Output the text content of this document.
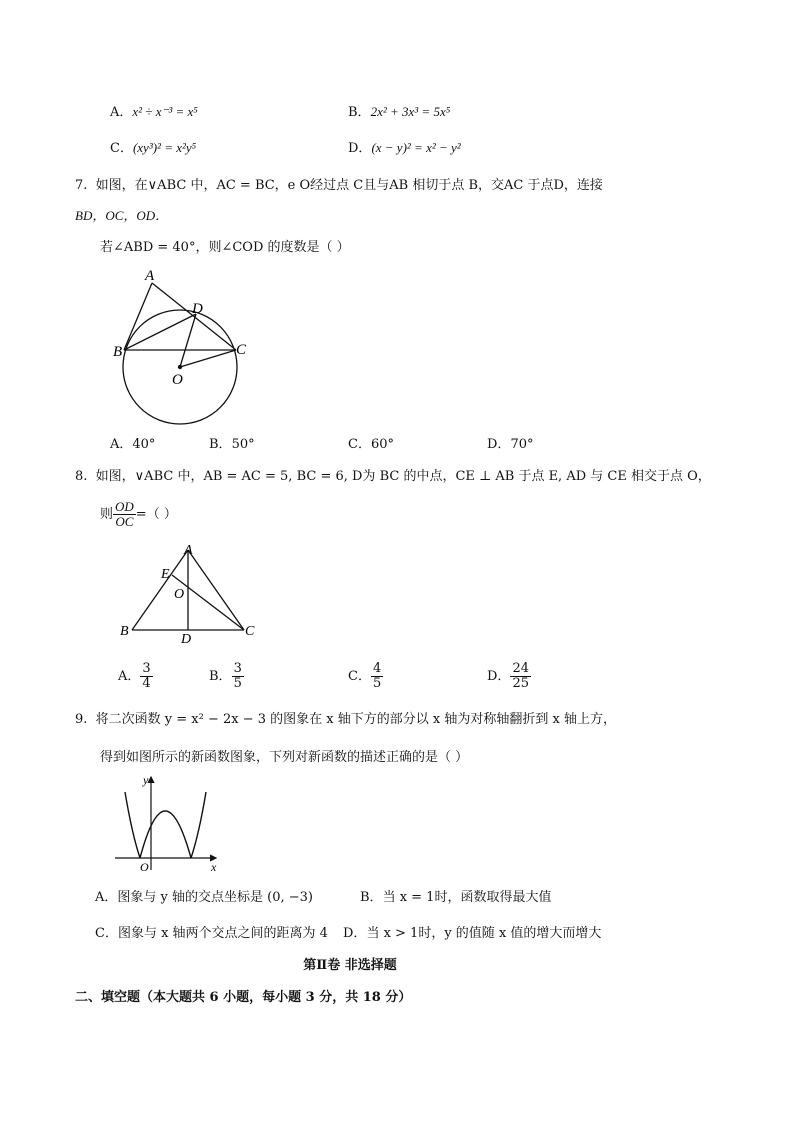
A．x² ÷ x⁻³ = x⁵	B．2x² + 3x³ = 5x⁵
C．(xy³)² = x²y⁵	D．(x − y)² = x² − y²
7. 如图，在∨ABC 中，AC = BC，e O经过点 C且与AB 相切于点 B，交AC 于点D，连接
BD，OC，OD．
若∠ABD = 40°，则∠COD 的度数是（ ）
A
D
B	C
O
A．40°	B．50°	C．60°	D．70°
8. 如图，∨ABC 中，AB = AC = 5, BC = 6, D为 BC 的中点，CE ⊥ AB 于点 E, AD 与 CE 相交于点 O，
则 $\frac{OD}{OC}$ =（ ）
A
E
O
B
D
C
A． $\frac{3}{4}$	B． $\frac{3}{5}$	C． $\frac{4}{5}$	D． $\frac{24}{25}$
9. 将二次函数 y = x² − 2x − 3 的图象在 x 轴下方的部分以 x 轴为对称轴翻折到 x 轴上方，
得到如图所示的新函数图象，下列对新函数的描述正确的是（ ）
y
O	x
A．图象与 y 轴的交点坐标是 (0, −3)	B．当 x = 1时，函数取得最大值
C．图象与 x 轴两个交点之间的距离为 4 D．当 x > 1时，y 的值随 x 值的增大而增大
第Ⅱ卷 非选择题
二、填空题（本大题共 6 小题，每小题 3 分，共 18 分）
